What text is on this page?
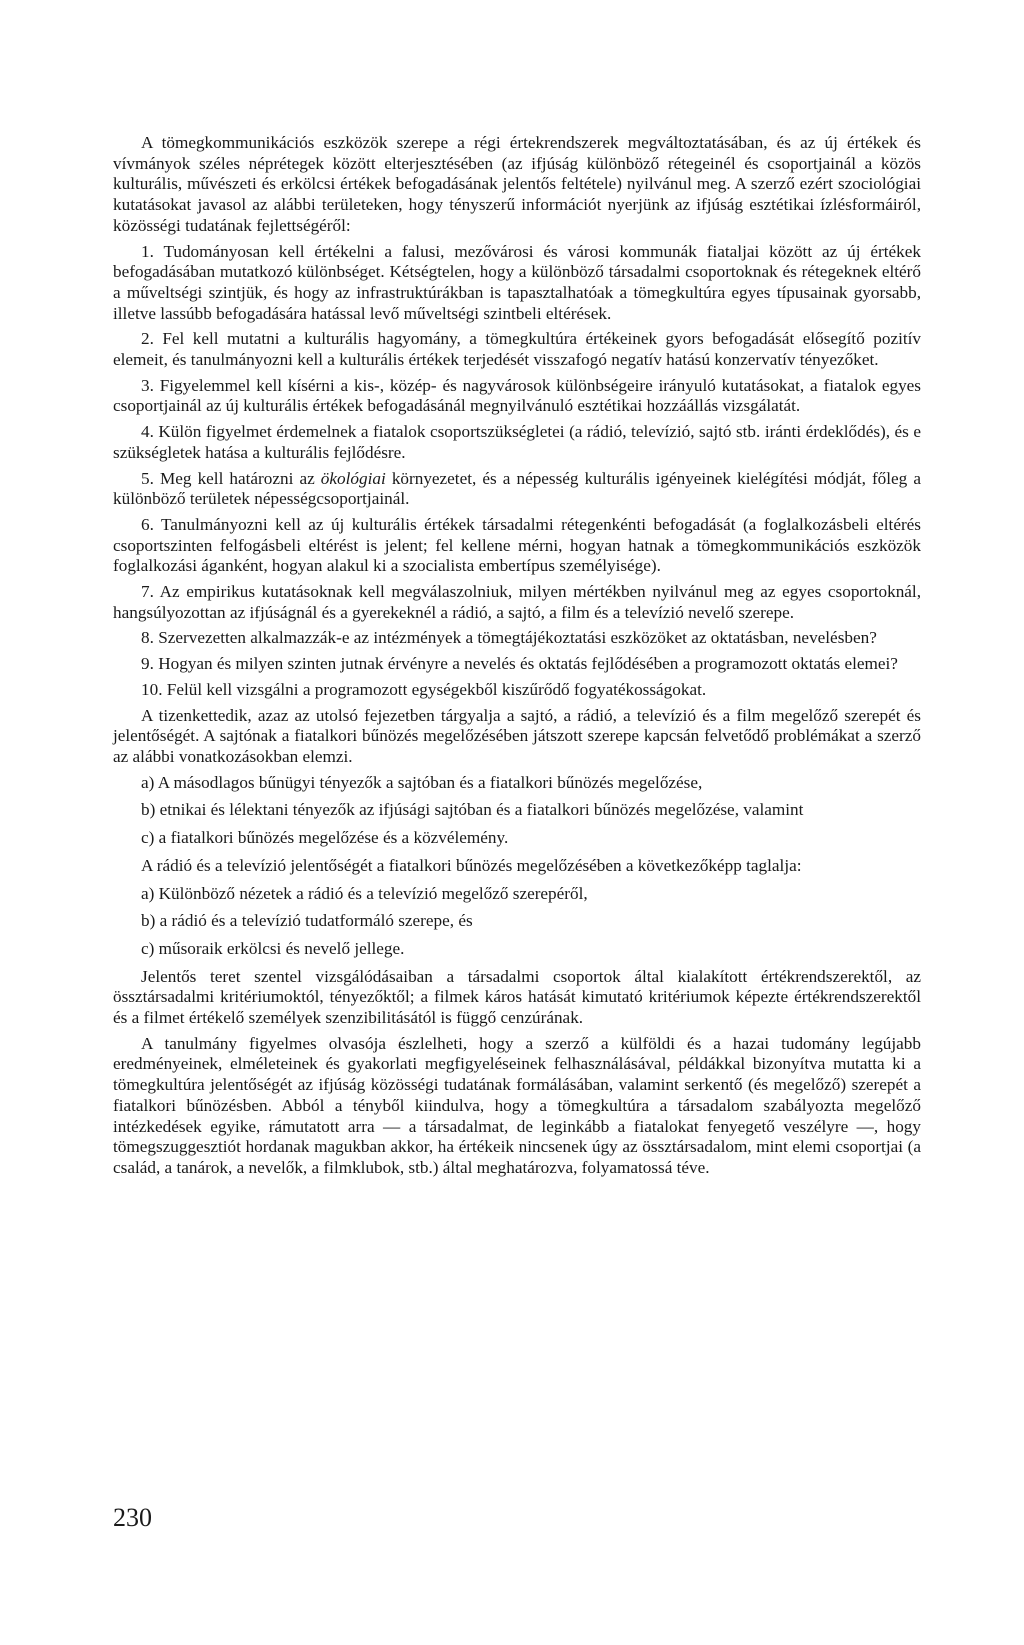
A tömegkommunikációs eszközök szerepe a régi értekrendszerek megváltoztatásában, és az új értékek és vívmányok széles néprétegek között elterjesztésében (az ifjúság különböző rétegeinél és csoportjainál a közös kulturális, művészeti és erkölcsi értékek befogadásának jelentős feltétele) nyilvánul meg. A szerző ezért szociológiai kutatásokat javasol az alábbi területeken, hogy tényszerű információt nyerjünk az ifjúság esztétikai ízlésformáiról, közösségi tudatának fejlettségéről:

1. Tudományosan kell értékelni a falusi, mezővárosi és városi kommunák fiataljai között az új értékek befogadásában mutatkozó különbséget. Kétségtelen, hogy a különböző társadalmi csoportoknak és rétegeknek eltérő a műveltségi szintjük, és hogy az infrastruktúrákban is tapasztalhatóak a tömegkultúra egyes típusainak gyorsabb, illetve lassúbb befogadására hatással levő műveltségi szintbeli eltérések.

2. Fel kell mutatni a kulturális hagyomány, a tömegkultúra értékeinek gyors befogadását elősegítő pozitív elemeit, és tanulmányozni kell a kulturális értékek terjedését visszafogó negatív hatású konzervatív tényezőket.

3. Figyelemmel kell kísérni a kis-, közép- és nagyvárosok különbségeire irányuló kutatásokat, a fiatalok egyes csoportjainál az új kulturális értékek befogadásánál megnyilvánuló esztétikai hozzáállás vizsgálatát.

4. Külön figyelmet érdemelnek a fiatalok csoportszükségletei (a rádió, televízió, sajtó stb. iránti érdeklődés), és e szükségletek hatása a kulturális fejlődésre.

5. Meg kell határozni az ökológiai környezetet, és a népesség kulturális igényeinek kielégítési módját, főleg a különböző területek népességcsoportjainál.

6. Tanulmányozni kell az új kulturális értékek társadalmi rétegenkénti befogadását (a foglalkozásbeli eltérés csoportszinten felfogásbeli eltérést is jelent; fel kellene mérni, hogyan hatnak a tömegkommunikációs eszközök foglalkozási áganként, hogyan alakul ki a szocialista embertípus személyisége).

7. Az empirikus kutatásoknak kell megválaszolniuk, milyen mértékben nyilvánul meg az egyes csoportoknál, hangsúlyozottan az ifjúságnál és a gyerekeknél a rádió, a sajtó, a film és a televízió nevelő szerepe.

8. Szervezetten alkalmazzák-e az intézmények a tömegtájékoztatási eszközöket az oktatásban, nevelésben?

9. Hogyan és milyen szinten jutnak érvényre a nevelés és oktatás fejlődésében a programozott oktatás elemei?

10. Felül kell vizsgálni a programozott egységekből kiszűrődő fogyatékosságokat.

A tizenkettedik, azaz az utolsó fejezetben tárgyalja a sajtó, a rádió, a televízió és a film megelőző szerepét és jelentőségét. A sajtónak a fiatalkori bűnözés megelőzésében játszott szerepe kapcsán felvetődő problémákat a szerző az alábbi vonatkozásokban elemzi.

a) A másodlagos bűnügyi tényezők a sajtóban és a fiatalkori bűnözés megelőzése,

b) etnikai és lélektani tényezők az ifjúsági sajtóban és a fiatalkori bűnözés megelőzése, valamint

c) a fiatalkori bűnözés megelőzése és a közvélemény.

A rádió és a televízió jelentőségét a fiatalkori bűnözés megelőzésében a következőképp taglalja:

a) Különböző nézetek a rádió és a televízió megelőző szerepéről,

b) a rádió és a televízió tudatformáló szerepe, és

c) műsoraik erkölcsi és nevelő jellege.

Jelentős teret szentel vizsgálódásaiban a társadalmi csoportok által kialakított értékrendszerektől, az össztársadalmi kritériumoktól, tényezőktől; a filmek káros hatását kimutató kritériumok képezte értékrendszerektől és a filmet értékelő személyek szenzibilitásától is függő cenzúrának.

A tanulmány figyelmes olvasója észlelheti, hogy a szerző a külföldi és a hazai tudomány legújabb eredményeinek, elméleteinek és gyakorlati megfigyeléseinek felhasználásával, példákkal bizonyítva mutatta ki a tömegkultúra jelentőségét az ifjúság közösségi tudatának formálásában, valamint serkentő (és megelőző) szerepét a fiatalkori bűnözésben. Abból a tényből kiindulva, hogy a tömegkultúra a társadalom szabályozta megelőző intézkedések egyike, rámutatott arra — a társadalmat, de leginkább a fiatalokat fenyegető veszélyre —, hogy tömegszuggesztiót hordanak magukban akkor, ha értékeik nincsenek úgy az össztársadalom, mint elemi csoportjai (a család, a tanárok, a nevelők, a filmklubok, stb.) által meghatározva, folyamatossá téve.

230
